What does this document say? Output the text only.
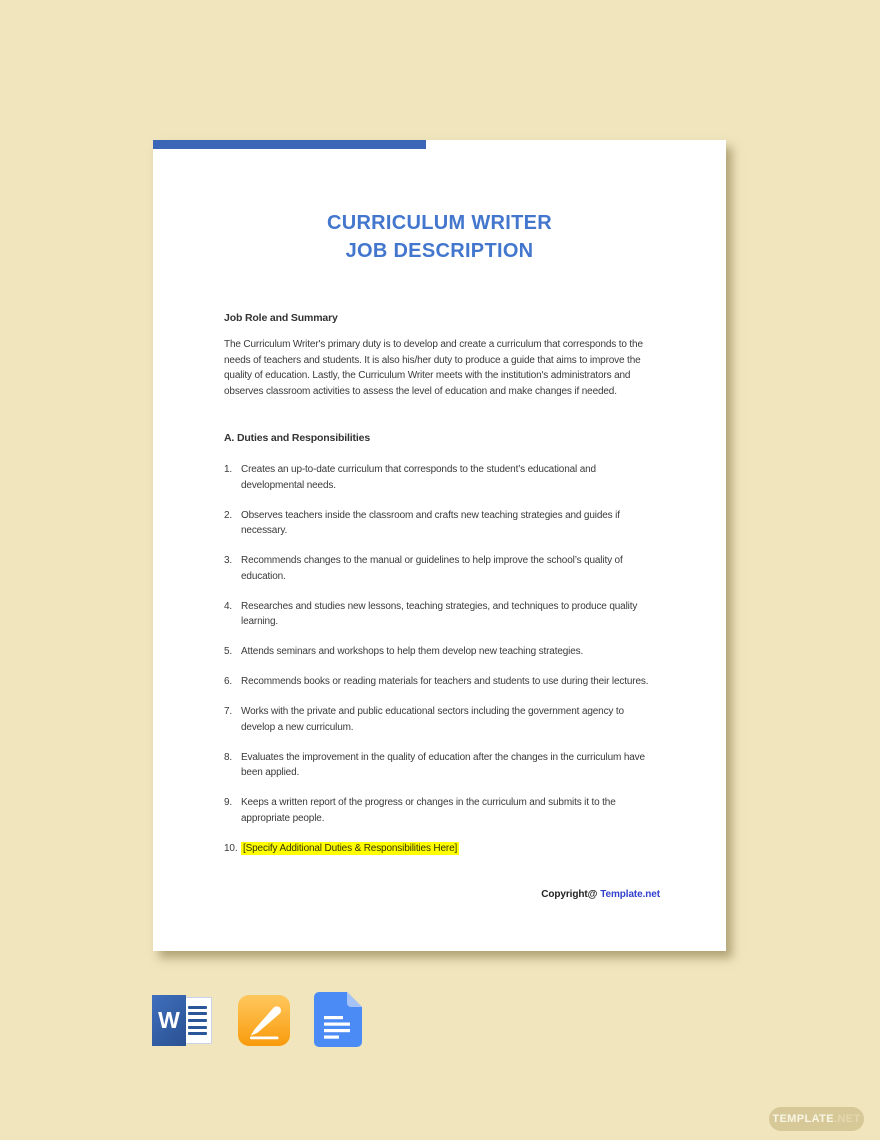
CURRICULUM WRITER
JOB DESCRIPTION
Job Role and Summary

The Curriculum Writer's primary duty is to develop and create a curriculum that corresponds to the needs of teachers and students. It is also his/her duty to produce a guide that aims to improve the quality of education. Lastly, the Curriculum Writer meets with the institution's administrators and observes classroom activities to assess the level of education and make changes if needed.

A. Duties and Responsibilities
1. Creates an up-to-date curriculum that corresponds to the student’s educational and developmental needs.
2. Observes teachers inside the classroom and crafts new teaching strategies and guides if necessary.
3. Recommends changes to the manual or guidelines to help improve the school’s quality of education.
4. Researches and studies new lessons, teaching strategies, and techniques to produce quality learning.
5. Attends seminars and workshops to help them develop new teaching strategies.
6. Recommends books or reading materials for teachers and students to use during their lectures.
7. Works with the private and public educational sectors including the government agency to develop a new curriculum.
8. Evaluates the improvement in the quality of education after the changes in the curriculum have been applied.
9. Keeps a written report of the progress or changes in the curriculum and submits it to the appropriate people.
10. [Specify Additional Duties & Responsibilities Here]
Copyright@ Template.net
W
TEMPLATE .NET
